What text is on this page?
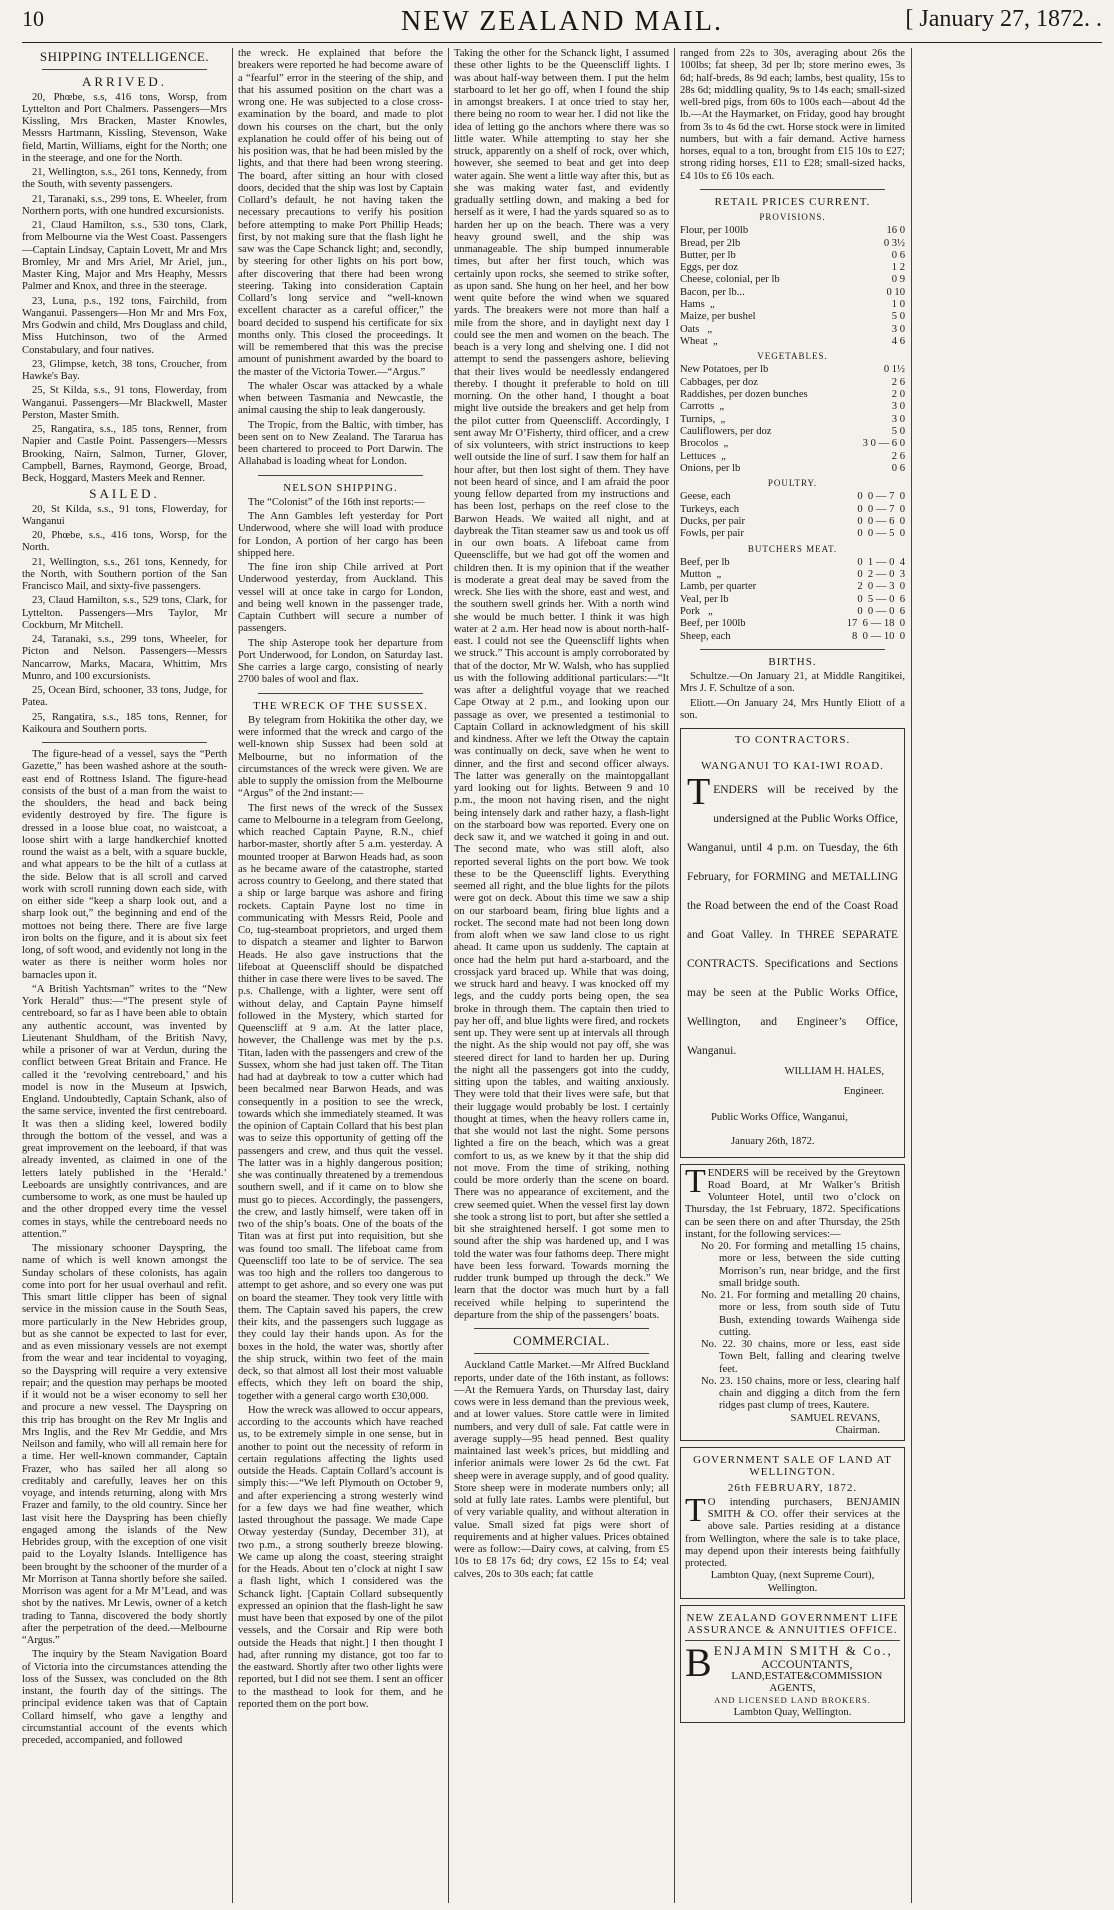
10	NEW ZEALAND MAIL.	[ January 27, 1872. .
SHIPPING INTELLIGENCE.
ARRIVED.

20, Phœbe, s.s, 416 tons, Worsp, from Lyttelton and Port Chalmers. Passengers—Mrs Kissling, Mrs Bracken, Master Knowles, Messrs Hartmann, Kissling, Stevenson, Wake field, Martin, Williams, eight for the North; one in the steerage, and one for the North.

21, Wellington, s.s., 261 tons, Kennedy, from the South, with seventy passengers.

21, Taranaki, s.s., 299 tons, E. Wheeler, from Northern ports, with one hundred excursionists.

21, Claud Hamilton, s.s., 530 tons, Clark, from Melbourne via the West Coast. Passengers—Captain Lindsay, Captain Lovett, Mr and Mrs Bromley, Mr and Mrs Ariel, Mr Ariel, jun., Master King, Major and Mrs Heaphy, Messrs Palmer and Knox, and three in the steerage.

23, Luna, p.s., 192 tons, Fairchild, from Wanganui. Passengers—Hon Mr and Mrs Fox, Mrs Godwin and child, Mrs Douglass and child, Miss Hutchinson, two of the Armed Constabulary, and four natives.

23, Glimpse, ketch, 38 tons, Croucher, from Hawke's Bay.

25, St Kilda, s.s., 91 tons, Flowerday, from Wanganui. Passengers—Mr Blackwell, Master Perston, Master Smith.

25, Rangatira, s.s., 185 tons, Renner, from Napier and Castle Point. Passengers—Messrs Brooking, Nairn, Salmon, Turner, Glover, Campbell, Barnes, Raymond, George, Broad, Beck, Hoggard, Masters Meek and Renner.

SAILED.

20, St Kilda, s.s., 91 tons, Flowerday, for Wanganui

20, Phœbe, s.s., 416 tons, Worsp, for the North.

21, Wellington, s.s., 261 tons, Kennedy, for the North, with Southern portion of the San Francisco Mail, and sixty-five passengers.

23, Claud Hamilton, s.s., 529 tons, Clark, for Lyttelton. Passengers—Mrs Taylor, Mr Cockburn, Mr Mitchell.

24, Taranaki, s.s., 299 tons, Wheeler, for Picton and Nelson. Passengers—Messrs Nancarrow, Marks, Macara, Whittim, Mrs Munro, and 100 excursionists.

25, Ocean Bird, schooner, 33 tons, Judge, for Patea.

25, Rangatira, s.s., 185 tons, Renner, for Kaikoura and Southern ports.

The figure-head of a vessel, says the “Perth Gazette,” has been washed ashore at the south-east end of Rottness Island. The figure-head consists of the bust of a man from the waist to the shoulders, the head and back being evidently destroyed by fire. The figure is dressed in a loose blue coat, no waistcoat, a loose shirt with a large handkerchief knotted round the waist as a belt, with a square buckle, and what appears to be the hilt of a cutlass at the side. Below that is all scroll and carved work with scroll running down each side, with on either side “keep a sharp look out, and a sharp look out,” the beginning and end of the mottoes not being there. There are five large iron bolts on the figure, and it is about six feet long, of soft wood, and evidently not long in the water as there is neither worm holes nor barnacles upon it.

“A British Yachtsman” writes to the “New York Herald” thus:—“The present style of centreboard, so far as I have been able to obtain any authentic account, was invented by Lieutenant Shuldham, of the British Navy, while a prisoner of war at Verdun, during the conflict between Great Britain and France. He called it the ‘revolving centreboard,’ and his model is now in the Museum at Ipswich, England. Undoubtedly, Captain Schank, also of the same service, invented the first centreboard. It was then a sliding keel, lowered bodily through the bottom of the vessel, and was a great improvement on the leeboard, if that was already invented, as claimed in one of the letters lately published in the ‘Herald.’ Leeboards are unsightly contrivances, and are cumbersome to work, as one must be hauled up and the other dropped every time the vessel comes in stays, while the centreboard needs no attention.”

The missionary schooner Dayspring, the name of which is well known amongst the Sunday scholars of these colonists, has again come into port for her usual overhaul and refit. This smart little clipper has been of signal service in the mission cause in the South Seas, more particularly in the New Hebrides group, but as she cannot be expected to last for ever, and as even missionary vessels are not exempt from the wear and tear incidental to voyaging, so the Dayspring will require a very extensive repair; and the question may perhaps be mooted if it would not be a wiser economy to sell her and procure a new vessel. The Dayspring on this trip has brought on the Rev Mr Inglis and Mrs Inglis, and the Rev Mr Geddie, and Mrs Neilson and family, who will all remain here for a time. Her well-known commander, Captain Frazer, who has sailed her all along so creditably and carefully, leaves her on this voyage, and intends returning, along with Mrs Frazer and family, to the old country. Since her last visit here the Dayspring has been chiefly engaged among the islands of the New Hebrides group, with the exception of one visit paid to the Loyalty Islands. Intelligence has been brought by the schooner of the murder of a Mr Morrison at Tanna shortly before she sailed. Morrison was agent for a Mr M’Lead, and was shot by the natives. Mr Lewis, owner of a ketch trading to Tanna, discovered the body shortly after the perpetration of the deed.—Melbourne “Argus.”

The inquiry by the Steam Navigation Board of Victoria into the circumstances attending the loss of the Sussex, was concluded on the 8th instant, the fourth day of the sittings. The principal evidence taken was that of Captain Collard himself, who gave a lengthy and circumstantial account of the events which preceded, accompanied, and followed

the wreck. He explained that before the breakers were reported he had become aware of a “fearful” error in the steering of the ship, and that his assumed position on the chart was a wrong one. He was subjected to a close cross-examination by the board, and made to plot down his courses on the chart, but the only explanation he could offer of his being out of his position was, that he had been misled by the lights, and that there had been wrong steering. The board, after sitting an hour with closed doors, decided that the ship was lost by Captain Collard’s default, he not having taken the necessary precautions to verify his position before attempting to make Port Phillip Heads; first, by not making sure that the flash light he saw was the Cape Schanck light; and, secondly, by steering for other lights on his port bow, after discovering that there had been wrong steering. Taking into consideration Captain Collard’s long service and “well-known excellent character as a careful officer,” the board decided to suspend his certificate for six months only. This closed the proceedings. It will be remembered that this was the precise amount of punishment awarded by the board to the master of the Victoria Tower.—“Argus.”

The whaler Oscar was attacked by a whale when between Tasmania and Newcastle, the animal causing the ship to leak dangerously.

The Tropic, from the Baltic, with timber, has been sent on to New Zealand. The Tararua has been chartered to proceed to Port Darwin. The Allahabad is loading wheat for London.

NELSON SHIPPING.

The “Colonist” of the 16th inst reports:—

The Ann Gambles left yesterday for Port Underwood, where she will load with produce for London, A portion of her cargo has been shipped here.

The fine iron ship Chile arrived at Port Underwood yesterday, from Auckland. This vessel will at once take in cargo for London, and being well known in the passenger trade, Captain Cuthbert will secure a number of passengers.

The ship Asterope took her departure from Port Underwood, for London, on Saturday last. She carries a large cargo, consisting of nearly 2700 bales of wool and flax.

THE WRECK OF THE SUSSEX.

By telegram from Hokitika the other day, we were informed that the wreck and cargo of the well-known ship Sussex had been sold at Melbourne, but no information of the circumstances of the wreck were given. We are able to supply the omission from the Melbourne “Argus” of the 2nd instant:—

The first news of the wreck of the Sussex came to Melbourne in a telegram from Geelong, which reached Captain Payne, R.N., chief harbor-master, shortly after 5 a.m. yesterday. A mounted trooper at Barwon Heads had, as soon as he became aware of the catastrophe, started across country to Geelong, and there stated that a ship or large barque was ashore and firing rockets. Captain Payne lost no time in communicating with Messrs Reid, Poole and Co, tug-steamboat proprietors, and urged them to dispatch a steamer and lighter to Barwon Heads. He also gave instructions that the lifeboat at Queenscliff should be dispatched thither in case there were lives to be saved. The p.s. Challenge, with a lighter, were sent off without delay, and Captain Payne himself followed in the Mystery, which started for Queenscliff at 9 a.m. At the latter place, however, the Challenge was met by the p.s. Titan, laden with the passengers and crew of the Sussex, whom she had just taken off. The Titan had had at daybreak to tow a cutter which had been becalmed near Barwon Heads, and was consequently in a position to see the wreck, towards which she immediately steamed. It was the opinion of Captain Collard that his best plan was to seize this opportunity of getting off the passengers and crew, and thus quit the vessel. The latter was in a highly dangerous position; she was continually threatened by a tremendous southern swell, and if it came on to blow she must go to pieces. Accordingly, the passengers, the crew, and lastly himself, were taken off in two of the ship’s boats. One of the boats of the Titan was at first put into requisition, but she was found too small. The lifeboat came from Queenscliff too late to be of service. The sea was too high and the rollers too dangerous to attempt to get ashore, and so every one was put on board the steamer. They took very little with them. The Captain saved his papers, the crew their kits, and the passengers such luggage as they could lay their hands upon. As for the boxes in the hold, the water was, shortly after the ship struck, within two feet of the main deck, so that almost all lost their most valuable effects, which they left on board the ship, together with a general cargo worth £30,000.

How the wreck was allowed to occur appears, according to the accounts which have reached us, to be extremely simple in one sense, but in another to point out the necessity of reform in certain regulations affecting the lights used outside the Heads. Captain Collard’s account is simply this:—“We left Plymouth on October 9, and after experiencing a strong westerly wind for a few days we had fine weather, which lasted throughout the passage. We made Cape Otway yesterday (Sunday, December 31), at two p.m., a strong southerly breeze blowing. We came up along the coast, steering straight for the Heads. About ten o’clock at night I saw a flash light, which I considered was the Schanck light. [Captain Collard subsequently expressed an opinion that the flash-light he saw must have been that exposed by one of the pilot vessels, and the Corsair and Rip were both outside the Heads that night.] I then thought I had, after running my distance, got too far to the eastward. Shortly after two other lights were reported, but I did not see them. I sent an officer to the masthead to look for them, and he reported them on the port bow.

Taking the other for the Schanck light, I assumed these other lights to be the Queenscliff lights. I was about half-way between them. I put the helm starboard to let her go off, when I found the ship in amongst breakers. I at once tried to stay her, there being no room to wear her. I did not like the idea of letting go the anchors where there was so little water. While attempting to stay her she struck, apparently on a shelf of rock, over which, however, she seemed to beat and get into deep water again. She went a little way after this, but as she was making water fast, and evidently gradually settling down, and making a bed for herself as it were, I had the yards squared so as to harden her up on the beach. There was a very heavy ground swell, and the ship was unmanageable. The ship bumped innumerable times, but after her first touch, which was certainly upon rocks, she seemed to strike softer, as upon sand. She hung on her heel, and her bow went quite before the wind when we squared yards. The breakers were not more than half a mile from the shore, and in daylight next day I could see the men and women on the beach. The beach is a very long and shelving one. I did not attempt to send the passengers ashore, believing that their lives would be needlessly endangered thereby. I thought it preferable to hold on till morning. On the other hand, I thought a boat might live outside the breakers and get help from the pilot cutter from Queenscliff. Accordingly, I sent away Mr O’Fisherty, third officer, and a crew of six volunteers, with strict instructions to keep well outside the line of surf. I saw them for half an hour after, but then lost sight of them. They have not been heard of since, and I am afraid the poor young fellow departed from my instructions and has been lost, perhaps on the reef close to the Barwon Heads. We waited all night, and at daybreak the Titan steamer saw us and took us off in our own boats. A lifeboat came from Queenscliffe, but we had got off the women and children then. It is my opinion that if the weather is moderate a great deal may be saved from the wreck. She lies with the shore, east and west, and the southern swell grinds her. With a north wind she would be much better. I think it was high water at 2 a.m. Her head now is about north-half-east. I could not see the Queenscliff lights when we struck.” This account is amply corroborated by that of the doctor, Mr W. Walsh, who has supplied us with the following additional particulars:—“It was after a delightful voyage that we reached Cape Otway at 2 p.m., and looking upon our passage as over, we presented a testimonial to Captain Collard in acknowledgment of his skill and kindness. After we left the Otway the captain was continually on deck, save when he went to dinner, and the first and second officer always. The latter was generally on the maintopgallant yard looking out for lights. Between 9 and 10 p.m., the moon not having risen, and the night being intensely dark and rather hazy, a flash-light on the starboard bow was reported. Every one on deck saw it, and we watched it going in and out. The second mate, who was still aloft, also reported several lights on the port bow. We took these to be the Queenscliff lights. Everything seemed all right, and the blue lights for the pilots were got on deck. About this time we saw a ship on our starboard beam, firing blue lights and a rocket. The second mate had not been long down from aloft when we saw land close to us right ahead. It came upon us suddenly. The captain at once had the helm put hard a-starboard, and the crossjack yard braced up. While that was doing, we struck hard and heavy. I was knocked off my legs, and the cuddy ports being open, the sea broke in through them. The captain then tried to pay her off, and blue lights were fired, and rockets sent up. They were sent up at intervals all through the night. As the ship would not pay off, she was steered direct for land to harden her up. During the night all the passengers got into the cuddy, sitting upon the tables, and waiting anxiously. They were told that their lives were safe, but that their luggage would probably be lost. I certainly thought at times, when the heavy rollers came in, that she would not last the night. Some persons lighted a fire on the beach, which was a great comfort to us, as we knew by it that the ship did not move. From the time of striking, nothing could be more orderly than the scene on board. There was no appearance of excitement, and the crew seemed quiet. When the vessel first lay down she took a strong list to port, but after she settled a bit she straightened herself. I got some men to sound after the ship was hardened up, and I was told the water was four fathoms deep. There might have been less forward. Towards morning the rudder trunk bumped up through the deck.” We learn that the doctor was much hurt by a fall received while helping to superintend the departure from the ship of the passengers’ boats.

COMMERCIAL.

Auckland Cattle Market.—Mr Alfred Buckland reports, under date of the 16th instant, as follows:—At the Remuera Yards, on Thursday last, dairy cows were in less demand than the previous week, and at lower values. Store cattle were in limited numbers, and very dull of sale. Fat cattle were in average supply—95 head penned. Best quality maintained last week’s prices, but middling and inferior animals were lower 2s 6d the cwt. Fat sheep were in average supply, and of good quality. Store sheep were in moderate numbers only; all sold at fully late rates. Lambs were plentiful, but of very variable quality, and without alteration in value. Small sized fat pigs were short of requirements and at higher values. Prices obtained were as follow:—Dairy cows, at calving, from £5 10s to £8 17s 6d; dry cows, £2 15s to £4; veal calves, 20s to 30s each; fat cattle

ranged from 22s to 30s, averaging about 26s the 100lbs; fat sheep, 3d per lb; store merino ewes, 3s 6d; half-breds, 8s 9d each; lambs, best quality, 15s to 28s 6d; middling quality, 9s to 14s each; small-sized well-bred pigs, from 60s to 100s each—about 4d the lb.—At the Haymarket, on Friday, good hay brought from 3s to 4s 6d the cwt. Horse stock were in limited numbers, but with a fair demand. Active harness horses, equal to a ton, brought from £15 10s to £27; strong riding horses, £11 to £28; small-sized hacks, £4 10s to £6 10s each.

RETAIL PRICES CURRENT.
PROVISIONS.
Flour, per 100lb	16 0
Bread, per 2lb	0 3½
Butter, per lb	0 6
Eggs, per doz	1 2
Cheese, colonial, per lb	0 9
Bacon, per lb...	0 10
Hams  „	1 0
Maize, per bushel	5 0
Oats   „	3 0
Wheat  „	4 6
VEGETABLES.
New Potatoes, per lb	0 1½
Cabbages, per doz	2 6
Raddishes, per dozen bunches	2 0
Carrotts  „	3 0
Turnips,  „	3 0
Cauliflowers, per doz	5 0
Brocolos  „	3 0 — 6 0
Lettuces  „	2 6
Onions, per lb	0 6
POULTRY.
Geese, each	0  0 — 7  0
Turkeys, each	0  0 — 7  0
Ducks, per pair	0  0 — 6  0
Fowls, per pair	0  0 — 5  0
BUTCHERS MEAT.
Beef, per lb	0  1 — 0  4
Mutton  „	0  2 — 0  3
Lamb, per quarter	2  0 — 3  0
Veal, per lb	0  5 — 0  6
Pork   „	0  0 — 0  6
Beef, per 100lb	17  6 — 18  0
Sheep, each	8  0 — 10  0
BIRTHS.

Schultze.—On January 21, at Middle Rangitikei, Mrs J. F. Schultze of a son.

Eliott.—On January 24, Mrs Huntly Eliott of a son.

TO CONTRACTORS.
WANGANUI TO KAI-IWI ROAD.
TENDERS will be received by the undersigned at the Public Works Office, Wanganui, until 4 p.m. on Tuesday, the 6th February, for FORMING and METALLING the Road between the end of the Coast Road and Goat Valley. In THREE SEPARATE CONTRACTS. Specifications and Sections may be seen at the Public Works Office, Wellington, and Engineer’s Office, Wanganui.
WILLIAM H. HALES,
Engineer.
Public Works Office, Wanganui,
January 26th, 1872.
TENDERS will be received by the Greytown Road Board, at Mr Walker’s British Volunteer Hotel, until two o’clock on Thursday, the 1st February, 1872. Specifications can be seen there on and after Thursday, the 25th instant, for the following services:—
No 20. For forming and metalling 15 chains, more or less, between the side cutting Morrison’s run, near bridge, and the first small bridge south.
No. 21. For forming and metalling 20 chains, more or less, from south side of Tutu Bush, extending towards Waihenga side cutting.
No. 22. 30 chains, more or less, east side Town Belt, falling and clearing twelve feet.
No. 23. 150 chains, more or less, clearing half chain and digging a ditch from the fern ridges past clump of trees, Kautere.
SAMUEL REVANS,
Chairman.
GOVERNMENT SALE OF LAND AT WELLINGTON.
26th FEBRUARY, 1872.
T O intending purchasers, BENJAMIN SMITH & CO. offer their services at the above sale. Parties residing at a distance from Wellington, where the sale is to take place, may depend upon their interests being faithfully protected.
Lambton Quay, (next Supreme Court), Wellington.
NEW ZEALAND GOVERNMENT LIFE ASSURANCE & ANNUITIES OFFICE.
B ENJAMIN SMITH & Co.,
ACCOUNTANTS,
LAND,ESTATE&COMMISSION AGENTS,
AND LICENSED LAND BROKERS.
Lambton Quay, Wellington.
